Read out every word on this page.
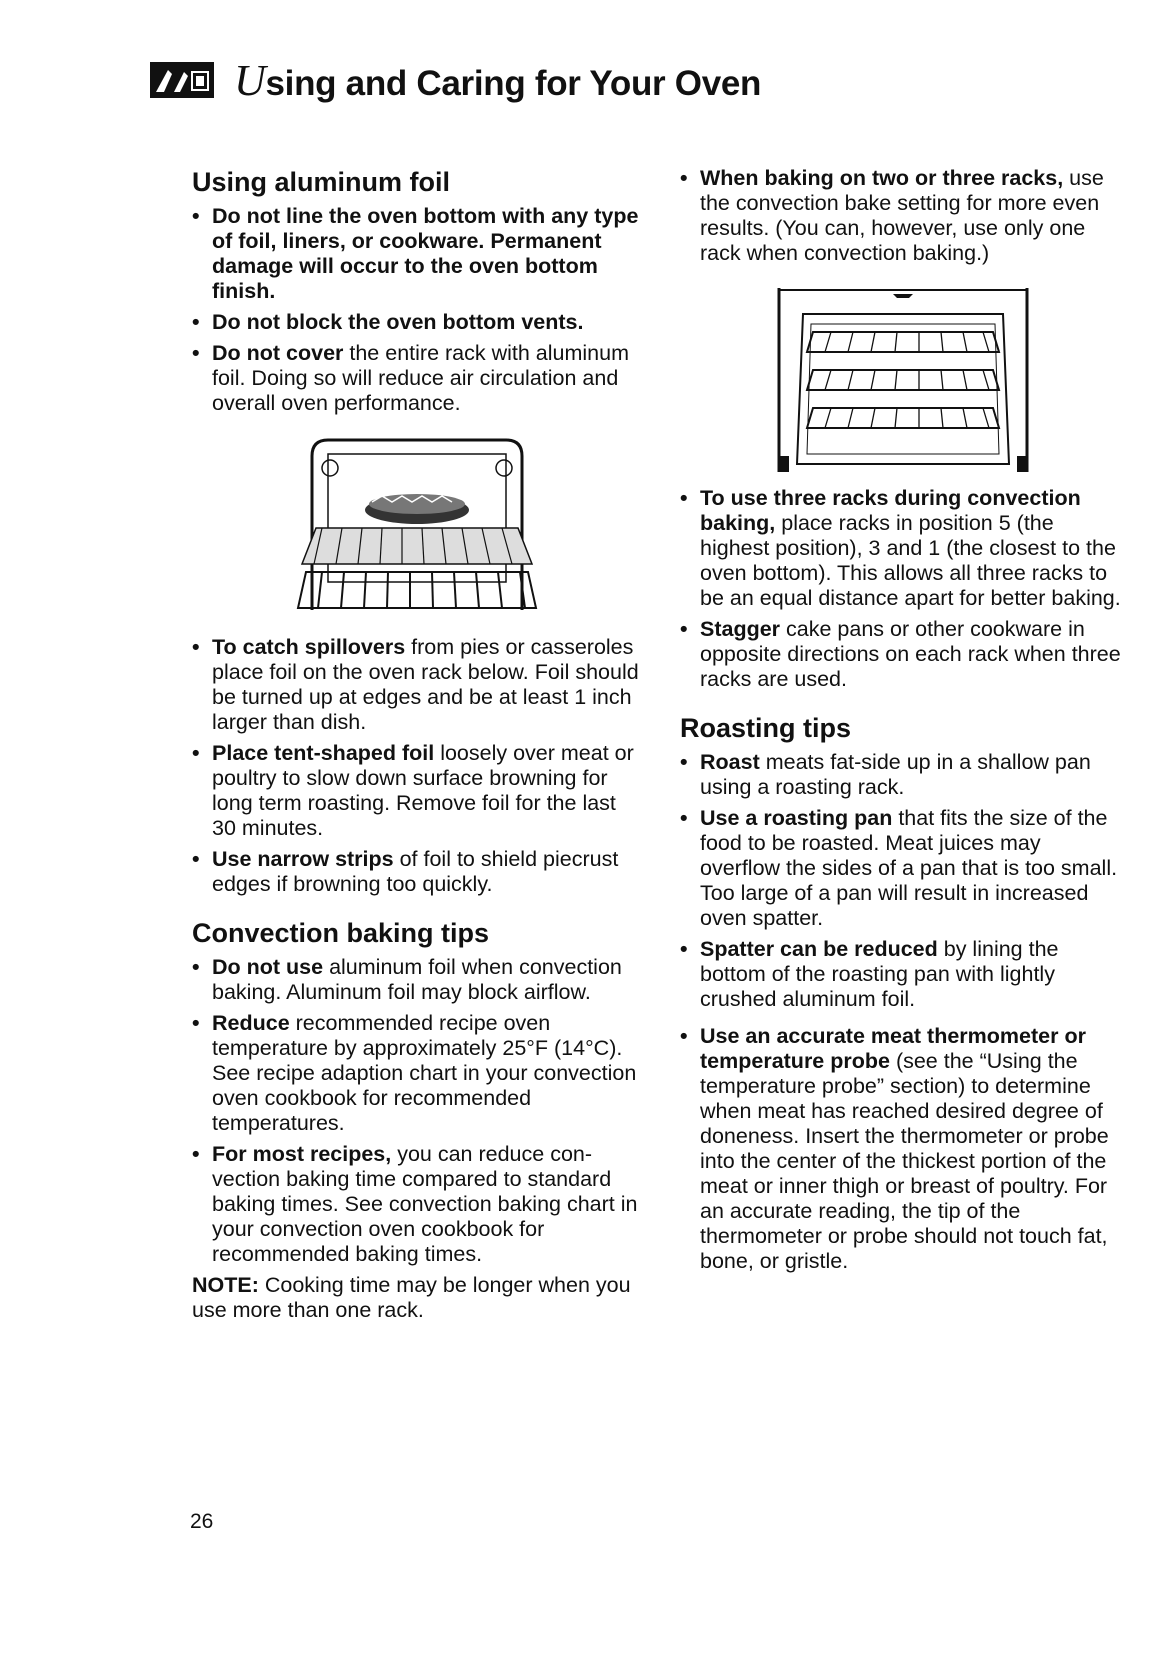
Using and Caring for Your Oven
Using aluminum foil
• Do not line the oven bottom with any type of foil, liners, or cookware. Permanent damage will occur to the oven bottom finish.
• Do not block the oven bottom vents.
• Do not cover the entire rack with aluminum foil. Doing so will reduce air circulation and overall oven performance.
• To catch spillovers from pies or casseroles place foil on the oven rack below. Foil should be turned up at edges and be at least 1 inch larger than dish.
• Place tent-shaped foil loosely over meat or poultry to slow down surface browning for long term roasting. Remove foil for the last 30 minutes.
• Use narrow strips of foil to shield piecrust edges if browning too quickly.
Convection baking tips
• Do not use aluminum foil when convection baking. Aluminum foil may block airflow.
• Reduce recommended recipe oven temperature by approximately 25°F (14°C). See recipe adaption chart in your convection oven cookbook for recommended temperatures.
• For most recipes, you can reduce convection baking time compared to standard baking times. See convection baking chart in your convection oven cookbook for recommended baking times.

NOTE: Cooking time may be longer when you use more than one rack.

• When baking on two or three racks, use the convection bake setting for more even results. (You can, however, use only one rack when convection baking.)
• To use three racks during convection baking, place racks in position 5 (the highest position), 3 and 1 (the closest to the oven bottom). This allows all three racks to be an equal distance apart for better baking.
• Stagger cake pans or other cookware in opposite directions on each rack when three racks are used.
Roasting tips
• Roast meats fat-side up in a shallow pan using a roasting rack.
• Use a roasting pan that fits the size of the food to be roasted. Meat juices may overflow the sides of a pan that is too small. Too large of a pan will result in increased oven spatter.
• Spatter can be reduced by lining the bottom of the roasting pan with lightly crushed aluminum foil.
• Use an accurate meat thermometer or temperature probe (see the “Using the temperature probe” section) to determine when meat has reached desired degree of doneness. Insert the thermometer or probe into the center of the thickest portion of the meat or inner thigh or breast of poultry. For an accurate reading, the tip of the thermometer or probe should not touch fat, bone, or gristle.
26
